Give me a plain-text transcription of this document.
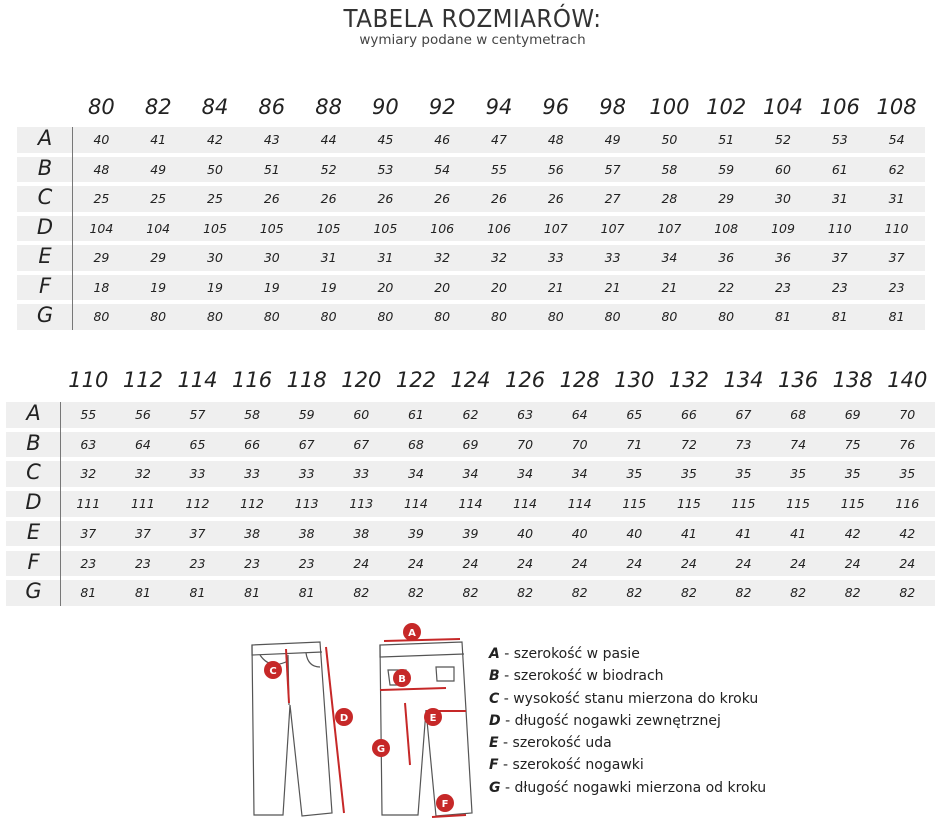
TABELA ROZMIARÓW:
wymiary podane w centymetrach
80	82	84	86	88	90	92	94	96	98	100 102 104 106 108
A	40	41	42	43	44	45	46	47	48	49	50	51	52	53	54
B	48	49	50	51	52	53	54	55	56	57	58	59	60	61	62
C	25	25	25	26	26	26	26	26	26	27	28	29	30	31	31
D	104	104	105	105	105	105	106	106	107	107	107	108	109	110	110
E	29	29	30	30	31	31	32	32	33	33	34	36	36	37	37
F	18	19	19	19	19	20	20	20	21	21	21	22	23	23	23
G	80	80	80	80	80	80	80	80	80	80	80	80	81	81	81
110 112 114 116 118 120 122 124 126 128 130 132 134 136 138 140
A	55	56	57	58	59	60	61	62	63	64	65	66	67	68	69	70
B	63	64	65	66	67	67	68	69	70	70	71	72	73	74	75	76
C	32	32	33	33	33	33	34	34	34	34	35	35	35	35	35	35
D	111	111	112	112	113	113	114	114	114	114	115	115	115	115	115	116
E	37	37	37	38	38	38	39	39	40	40	40	41	41	41	42	42
F	23	23	23	23	23	24	24	24	24	24	24	24	24	24	24	24
G	81	81	81	81	81	82	82	82	82	82	82	82	82	82	82	82
A
B
C
D	E
F
G
A - szerokość w pasie
B - szerokość w biodrach
C - wysokość stanu mierzona do kroku
D - długość nogawki zewnętrznej
E - szerokość uda
F - szerokość nogawki
G - długość nogawki mierzona od kroku
